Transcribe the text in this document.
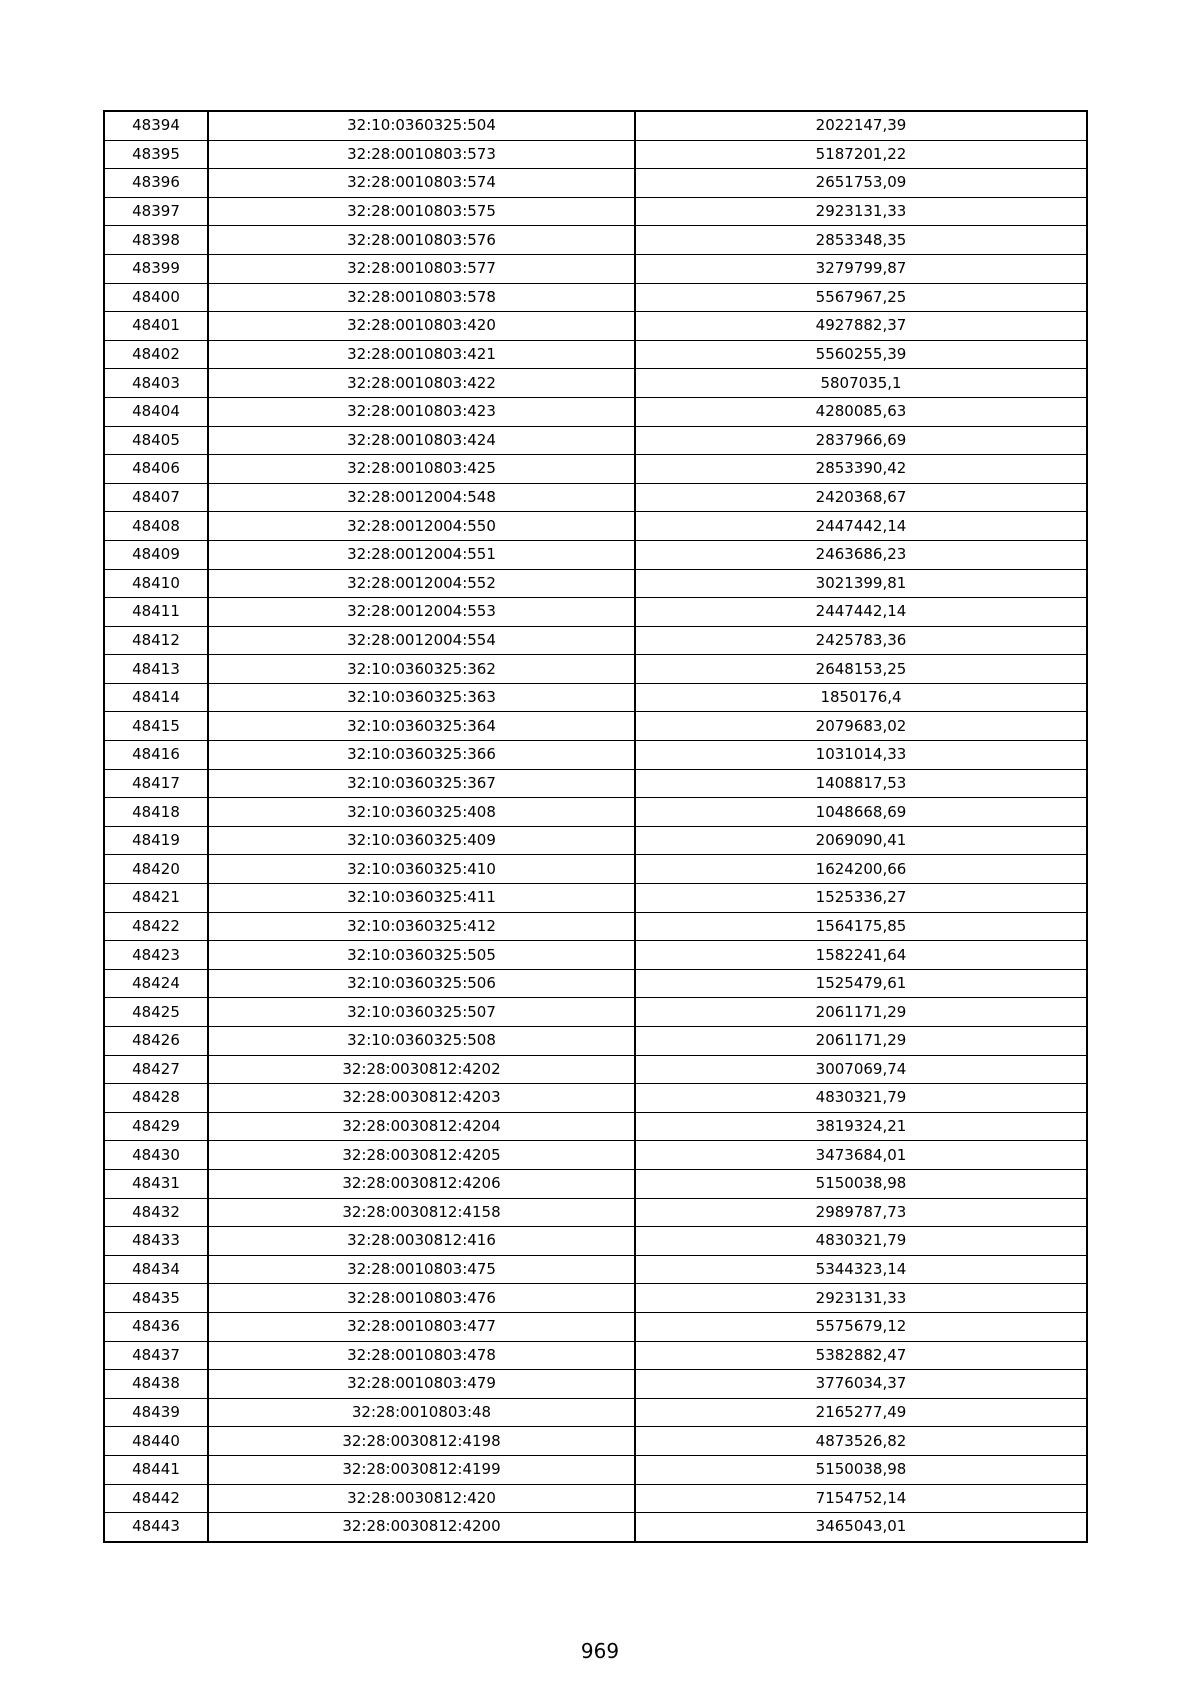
48394	32:10:0360325:504	2022147,39
48395	32:28:0010803:573	5187201,22
48396	32:28:0010803:574	2651753,09
48397	32:28:0010803:575	2923131,33
48398	32:28:0010803:576	2853348,35
48399	32:28:0010803:577	3279799,87
48400	32:28:0010803:578	5567967,25
48401	32:28:0010803:420	4927882,37
48402	32:28:0010803:421	5560255,39
48403	32:28:0010803:422	5807035,1
48404	32:28:0010803:423	4280085,63
48405	32:28:0010803:424	2837966,69
48406	32:28:0010803:425	2853390,42
48407	32:28:0012004:548	2420368,67
48408	32:28:0012004:550	2447442,14
48409	32:28:0012004:551	2463686,23
48410	32:28:0012004:552	3021399,81
48411	32:28:0012004:553	2447442,14
48412	32:28:0012004:554	2425783,36
48413	32:10:0360325:362	2648153,25
48414	32:10:0360325:363	1850176,4
48415	32:10:0360325:364	2079683,02
48416	32:10:0360325:366	1031014,33
48417	32:10:0360325:367	1408817,53
48418	32:10:0360325:408	1048668,69
48419	32:10:0360325:409	2069090,41
48420	32:10:0360325:410	1624200,66
48421	32:10:0360325:411	1525336,27
48422	32:10:0360325:412	1564175,85
48423	32:10:0360325:505	1582241,64
48424	32:10:0360325:506	1525479,61
48425	32:10:0360325:507	2061171,29
48426	32:10:0360325:508	2061171,29
48427	32:28:0030812:4202	3007069,74
48428	32:28:0030812:4203	4830321,79
48429	32:28:0030812:4204	3819324,21
48430	32:28:0030812:4205	3473684,01
48431	32:28:0030812:4206	5150038,98
48432	32:28:0030812:4158	2989787,73
48433	32:28:0030812:416	4830321,79
48434	32:28:0010803:475	5344323,14
48435	32:28:0010803:476	2923131,33
48436	32:28:0010803:477	5575679,12
48437	32:28:0010803:478	5382882,47
48438	32:28:0010803:479	3776034,37
48439	32:28:0010803:48	2165277,49
48440	32:28:0030812:4198	4873526,82
48441	32:28:0030812:4199	5150038,98
48442	32:28:0030812:420	7154752,14
48443	32:28:0030812:4200	3465043,01
969
